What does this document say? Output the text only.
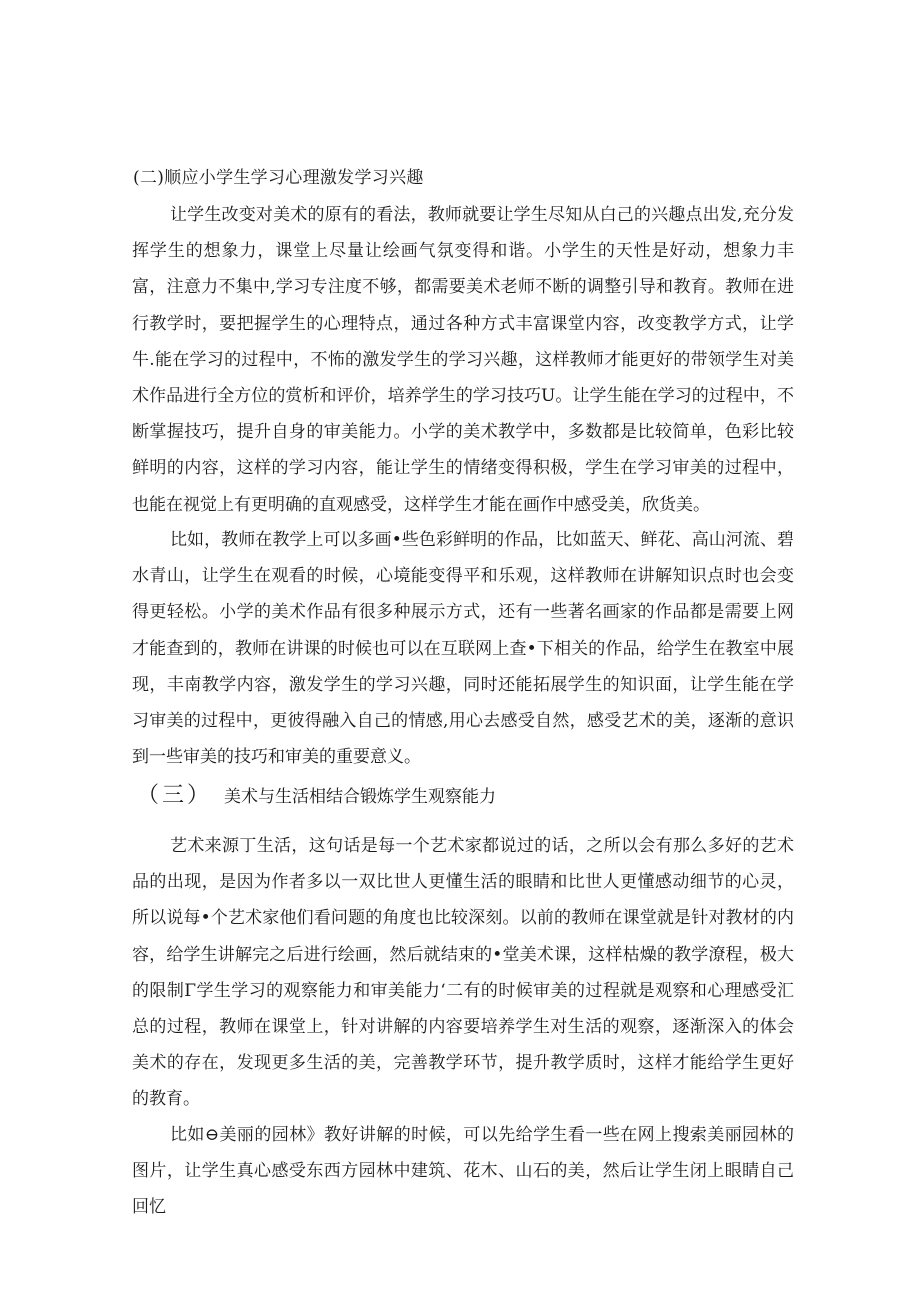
(二)顺应小学生学习心理激发学习兴趣

让学生改变对美术的原有的看法，教师就要让学生尽知从白己的兴趣点出发,充分发挥学生的想象力，课堂上尽量让绘画气氛变得和谐。小学生的天性是好动，想象力丰富，注意力不集中,学习专注度不够，都需要美术老师不断的调整引导和教育。教师在进行教学时，要把握学生的心理特点，通过各种方式丰富课堂内容，改变教学方式，让学牛.能在学习的过程中，不怖的激发学生的学习兴趣，这样教师才能更好的带领学生对美术作品进行全方位的赏析和评价，培养学生的学习技巧U。让学生能在学习的过程中，不断掌握技巧，提升自身的审美能力。小学的美术教学中，多数都是比较简单，色彩比较鲜明的内容，这样的学习内容，能让学生的情绪变得积极，学生在学习审美的过程中，也能在视觉上有更明确的直观感受，这样学生才能在画作中感受美，欣货美。

比如，教师在教学上可以多画•些色彩鲜明的作品，比如蓝天、鲜花、高山河流、碧水青山，让学生在观看的时候，心境能变得平和乐观，这样教师在讲解知识点时也会变得更轻松。小学的美术作品有很多种展示方式，还有一些著名画家的作品都是需要上网才能查到的，教师在讲课的时候也可以在互联网上查•下相关的作品，给学生在教室中展现，丰南教学内容，激发学生的学习兴趣，同时还能拓展学生的知识面，让学生能在学习审美的过程中，更彼得融入自己的情感,用心去感受自然，感受艺术的美，逐渐的意识到一些审美的技巧和审美的重要意义。

（三） 美术与生活相结合锻炼学生观察能力

艺术来源丁生活，这句话是每一个艺术家都说过的话，之所以会有那么多好的艺术品的出现，是因为作者多以一双比世人更懂生活的眼睛和比世人更懂感动细节的心灵，所以说每•个艺术家他们看问题的角度也比较深刻。以前的教师在课堂就是针对教材的内容，给学生讲解完之后进行绘画，然后就结束的•堂美术课，这样枯燥的教学潦程，极大的限制Γ学生学习的观察能力和审美能力‘二有的时候审美的过程就是观察和心理感受汇总的过程，教师在课堂上，针对讲解的内容要培养学生对生活的观察，逐渐深入的体会美术的存在，发现更多生活的美，完善教学环节，提升教学质时，这样才能给学生更好的教育。

比如⊖美丽的园林》教好讲解的时候，可以先给学生看一些在网上搜索美丽园林的图片，让学生真心感受东西方园林中建筑、花木、山石的美，然后让学生闭上眼睛自己回忆
